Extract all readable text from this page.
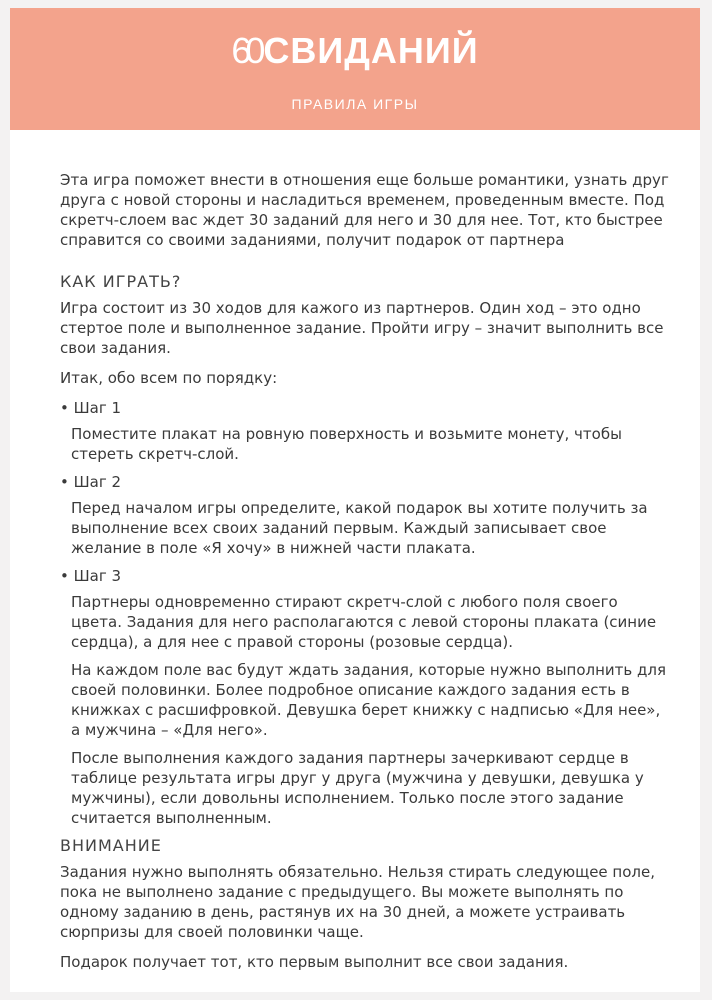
60 СВИДАНИЙ
ПРАВИЛА ИГРЫ

Эта игра поможет внести в отношения еще больше романтики, узнать друг друга с новой стороны и насладиться временем, проведенным вместе. Под скретч-слоем вас ждет 30 заданий для него и 30 для нее. Тот, кто быстрее справится со своими заданиями, получит подарок от партнера

КАК ИГРАТЬ?

Игра состоит из 30 ходов для кажого из партнеров. Один ход – это одно стертое поле и выполненное задание. Пройти игру – значит выполнить все свои задания.

Итак, обо всем по порядку:

• Шаг 1

Поместите плакат на ровную поверхность и возьмите монету, чтобы стереть скретч-слой.

• Шаг 2

Перед началом игры определите, какой подарок вы хотите получить за выполнение всех своих заданий первым. Каждый записывает свое желание в поле «Я хочу» в нижней части плаката.

• Шаг 3

Партнеры одновременно стирают скретч-слой с любого поля своего цвета. Задания для него располагаются с левой стороны плаката (синие сердца), а для нее с правой стороны (розовые сердца).

На каждом поле вас будут ждать задания, которые нужно выполнить для своей половинки. Более подробное описание каждого задания есть в книжках с расшифровкой. Девушка берет книжку с надписью «Для нее», а мужчина – «Для него».

После выполнения каждого задания партнеры зачеркивают сердце в таблице результата игры друг у друга (мужчина у девушки, девушка у мужчины), если довольны исполнением. Только после этого задание считается выполненным.

ВНИМАНИЕ

Задания нужно выполнять обязательно. Нельзя стирать следующее поле, пока не выполнено задание с предыдущего. Вы можете выполнять по одному заданию в день, растянув их на 30 дней, а можете устраивать сюрпризы для своей половинки чаще.

Подарок получает тот, кто первым выполнит все свои задания.
